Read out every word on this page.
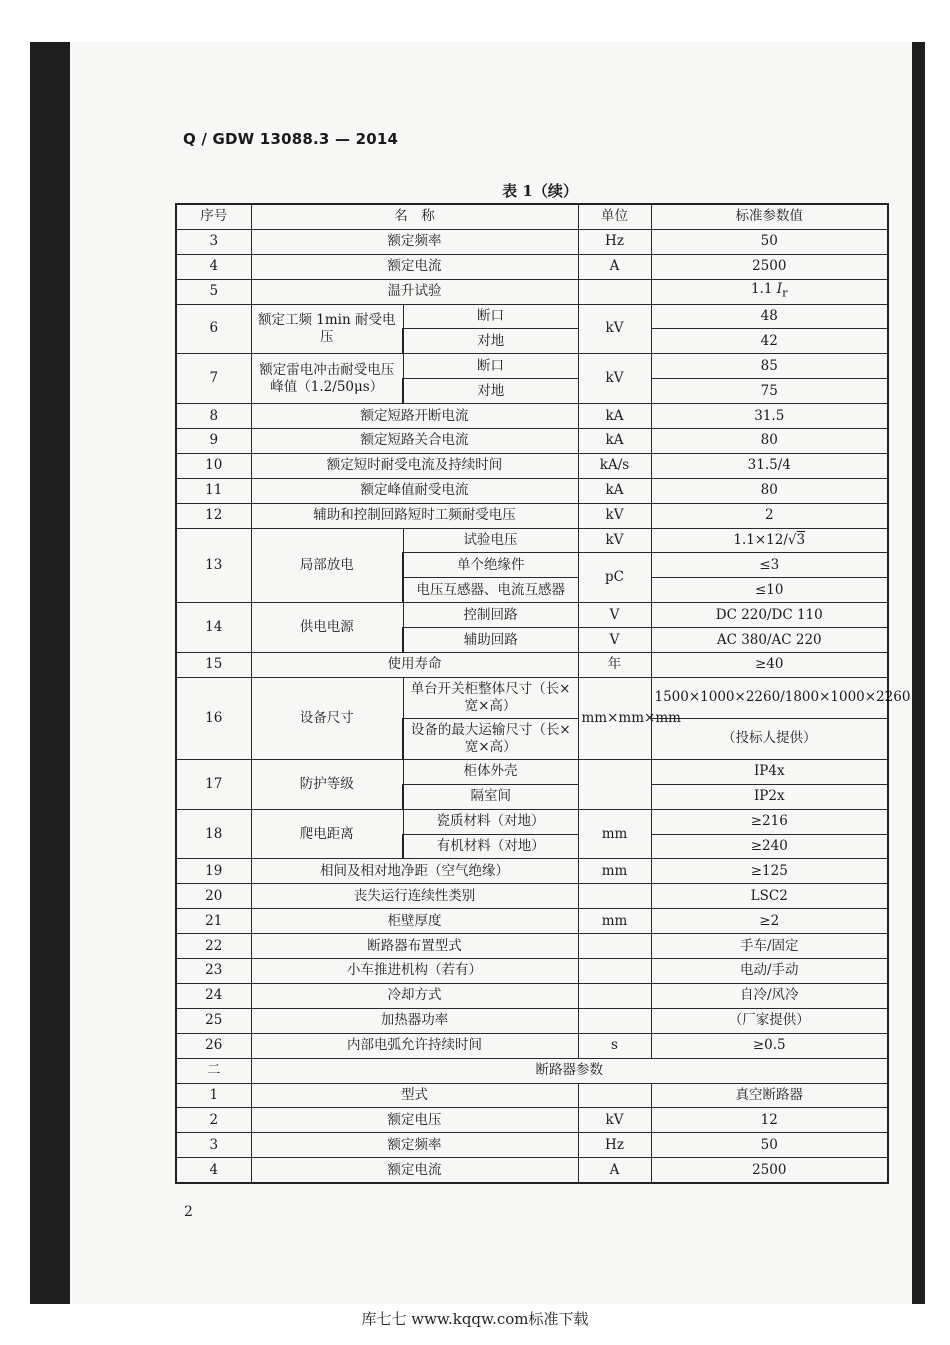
Q / GDW 13088.3 — 2014
表 1（续）
序号	名　称		单位	标准参数值
3	额定频率		Hz	50
4	额定电流		A	2500
5	温升试验			1.1 $I_r$
6	额定工频 1min 耐受电压	断口	kV	48
		对地		42
7	额定雷电冲击耐受电压峰值（1.2/50μs）	断口	kV	85
		对地		75
8	额定短路开断电流		kA	31.5
9	额定短路关合电流		kA	80
10	额定短时耐受电流及持续时间		kA/s	31.5/4
11	额定峰值耐受电流		kA	80
12	辅助和控制回路短时工频耐受电压		kV	2
13	局部放电	试验电压	kV	1.1×12/√3
		单个绝缘件	pC	≤3
		电压互感器、电流互感器		≤10
14	供电电源	控制回路	V	DC 220/DC 110
		辅助回路	V	AC 380/AC 220
15	使用寿命		年	≥40
16	设备尺寸	单台开关柜整体尺寸（长×宽×高）	mm×mm×mm	1500×1000×2260/1800×1000×2260
		设备的最大运输尺寸（长×宽×高）		（投标人提供）
17	防护等级	柜体外壳		IP4x
		隔室间		IP2x
18	爬电距离	瓷质材料（对地）	mm	≥216
		有机材料（对地）		≥240
19	相间及相对地净距（空气绝缘）		mm	≥125
20	丧失运行连续性类别			LSC2
21	柜壁厚度		mm	≥2
22	断路器布置型式			手车/固定
23	小车推进机构（若有）			电动/手动
24	冷却方式			自冷/风冷
25	加热器功率			（厂家提供）
26	内部电弧允许持续时间		s	≥0.5
二	断路器参数			
1	型式			真空断路器
2	额定电压		kV	12
3	额定频率		Hz	50
4	额定电流		A	2500
2
库七七 www.kqqw.com标准下载
